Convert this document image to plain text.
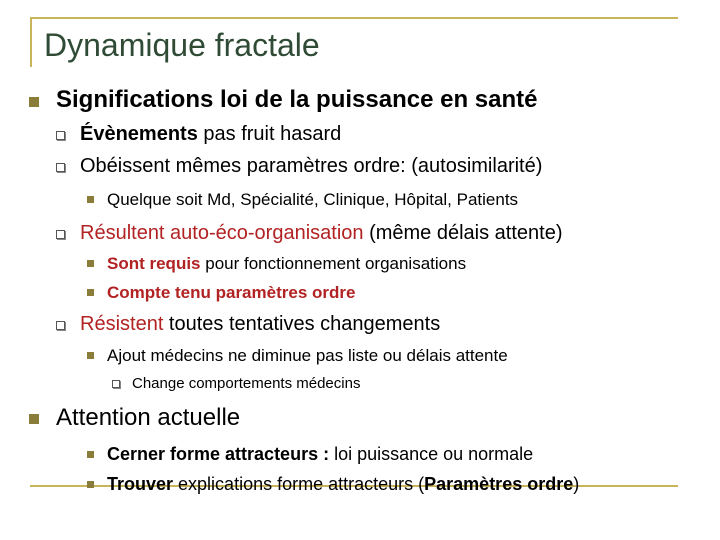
Dynamique fractale
Significations loi de la puissance en santé
Évènements pas fruit hasard
Obéissent mêmes paramètres ordre: (autosimilarité)
Quelque soit Md, Spécialité, Clinique, Hôpital, Patients
Résultent auto-éco-organisation (même délais attente)
Sont requis pour fonctionnement organisations
Compte tenu paramètres ordre
Résistent toutes tentatives changements
Ajout médecins ne diminue pas liste ou délais attente
Change comportements médecins
Attention actuelle
Cerner forme attracteurs : loi puissance ou normale
Trouver explications forme attracteurs (Paramètres ordre)
